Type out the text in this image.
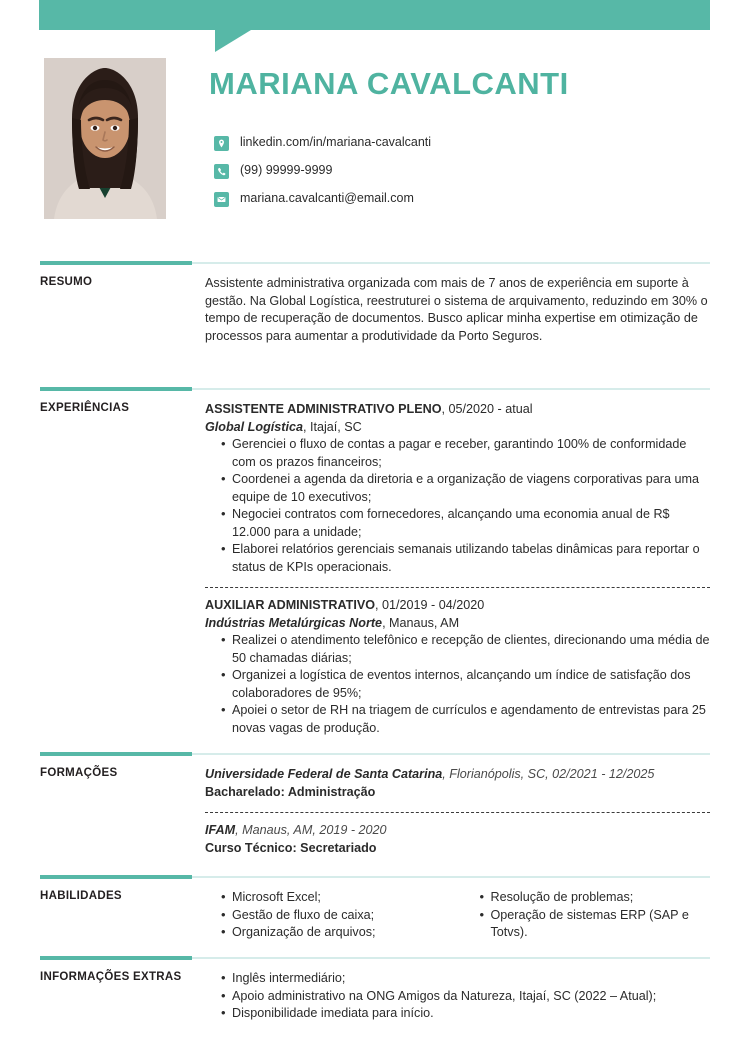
MARIANA CAVALCANTI
linkedin.com/in/mariana-cavalcanti
(99) 99999-9999
mariana.cavalcanti@email.com
RESUMO	Assistente administrativa organizada com mais de 7 anos de experiência em suporte à gestão. Na Global Logística, reestruturei o sistema de arquivamento, reduzindo em 30% o tempo de recuperação de documentos. Busco aplicar minha expertise em otimização de processos para aumentar a produtividade da Porto Seguros.

EXPERIÊNCIAS	ASSISTENTE ADMINISTRATIVO PLENO, 05/2020 - atual
Global Logística, Itajaí, SC
• Gerenciei o fluxo de contas a pagar e receber, garantindo 100% de conformidade com os prazos financeiros;
• Coordenei a agenda da diretoria e a organização de viagens corporativas para uma equipe de 10 executivos;
• Negociei contratos com fornecedores, alcançando uma economia anual de R$ 12.000 para a unidade;
• Elaborei relatórios gerenciais semanais utilizando tabelas dinâmicas para reportar o status de KPIs operacionais.
AUXILIAR ADMINISTRATIVO, 01/2019 - 04/2020
Indústrias Metalúrgicas Norte, Manaus, AM
• Realizei o atendimento telefônico e recepção de clientes, direcionando uma média de 50 chamadas diárias;
• Organizei a logística de eventos internos, alcançando um índice de satisfação dos colaboradores de 95%;
• Apoiei o setor de RH na triagem de currículos e agendamento de entrevistas para 25 novas vagas de produção.
FORMAÇÕES	Universidade Federal de Santa Catarina, Florianópolis, SC, 02/2021 - 12/2025
Bacharelado: Administração
IFAM, Manaus, AM, 2019 - 2020
Curso Técnico: Secretariado
HABILIDADES	• Microsoft Excel;
• Gestão de fluxo de caixa;
• Organização de arquivos;
• Resolução de problemas;
• Operação de sistemas ERP (SAP e Totvs).
INFORMAÇÕES EXTRAS	• Inglês intermediário;
• Apoio administrativo na ONG Amigos da Natureza, Itajaí, SC (2022 – Atual);
• Disponibilidade imediata para início.
